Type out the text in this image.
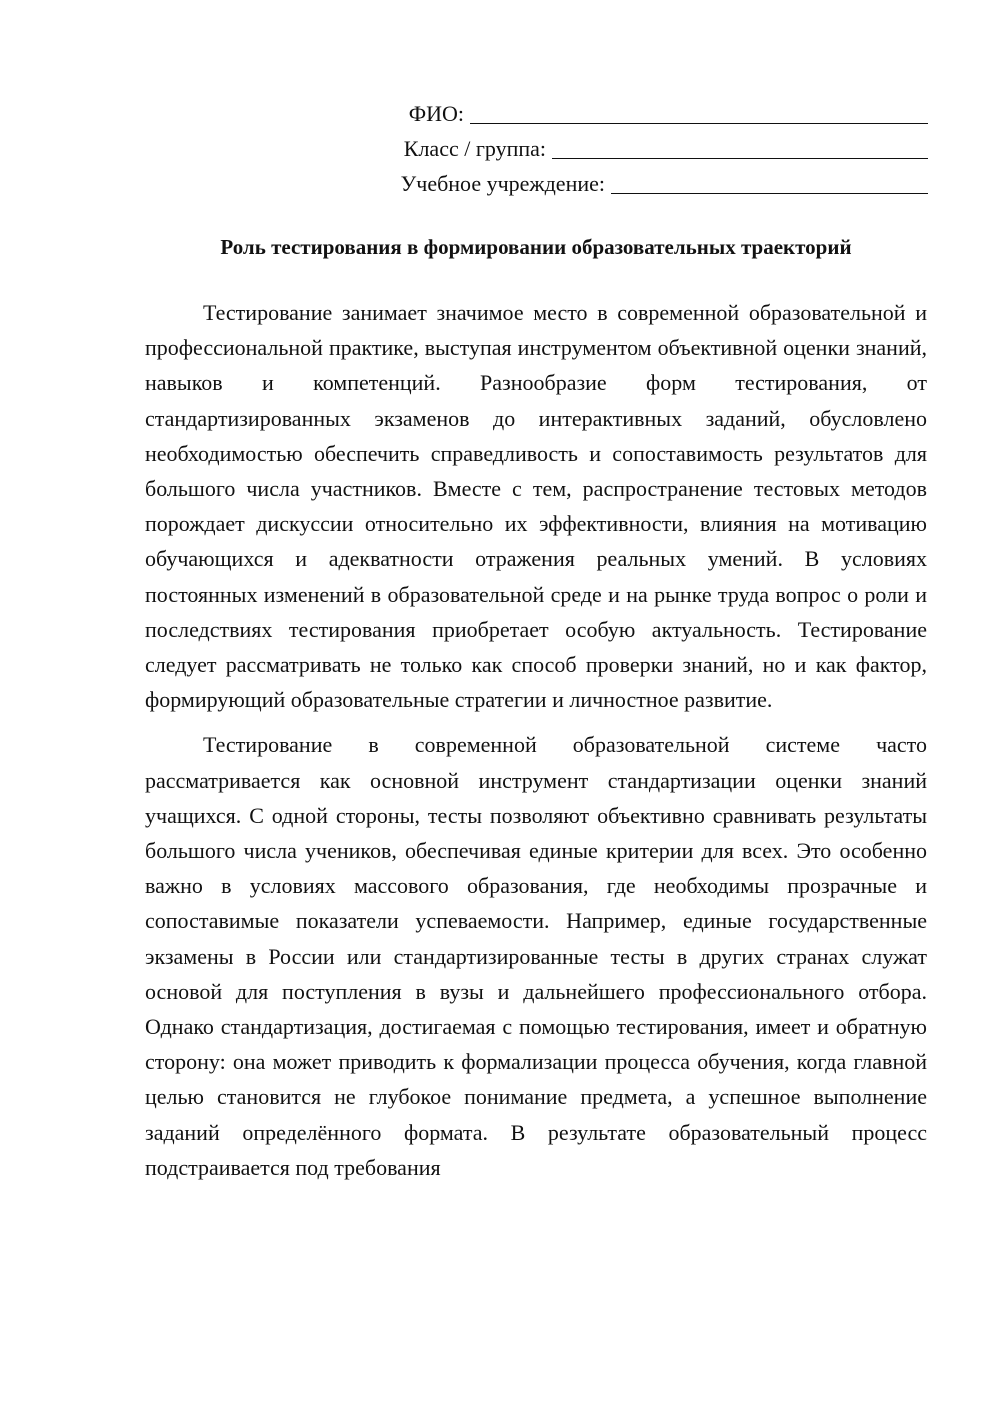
ФИО:
Класс / группа:
Учебное учреждение:
Роль тестирования в формировании образовательных траекторий

Тестирование занимает значимое место в современной образовательной и профессиональной практике, выступая инструментом объективной оценки знаний, навыков и компетенций. Разнообразие форм тестирования, от стандартизированных экзаменов до интерактивных заданий, обусловлено необходимостью обеспечить справедливость и сопоставимость результатов для большого числа участников. Вместе с тем, распространение тестовых методов порождает дискуссии относительно их эффективности, влияния на мотивацию обучающихся и адекватности отражения реальных умений. В условиях постоянных изменений в образовательной среде и на рынке труда вопрос о роли и последствиях тестирования приобретает особую актуальность. Тестирование следует рассматривать не только как способ проверки знаний, но и как фактор, формирующий образовательные стратегии и личностное развитие.

Тестирование в современной образовательной системе часто рассматривается как основной инструмент стандартизации оценки знаний учащихся. С одной стороны, тесты позволяют объективно сравнивать результаты большого числа учеников, обеспечивая единые критерии для всех. Это особенно важно в условиях массового образования, где необходимы прозрачные и сопоставимые показатели успеваемости. Например, единые государственные экзамены в России или стандартизированные тесты в других странах служат основой для поступления в вузы и дальнейшего профессионального отбора. Однако стандартизация, достигаемая с помощью тестирования, имеет и обратную сторону: она может приводить к формализации процесса обучения, когда главной целью становится не глубокое понимание предмета, а успешное выполнение заданий определённого формата. В результате образовательный процесс подстраивается под требования
